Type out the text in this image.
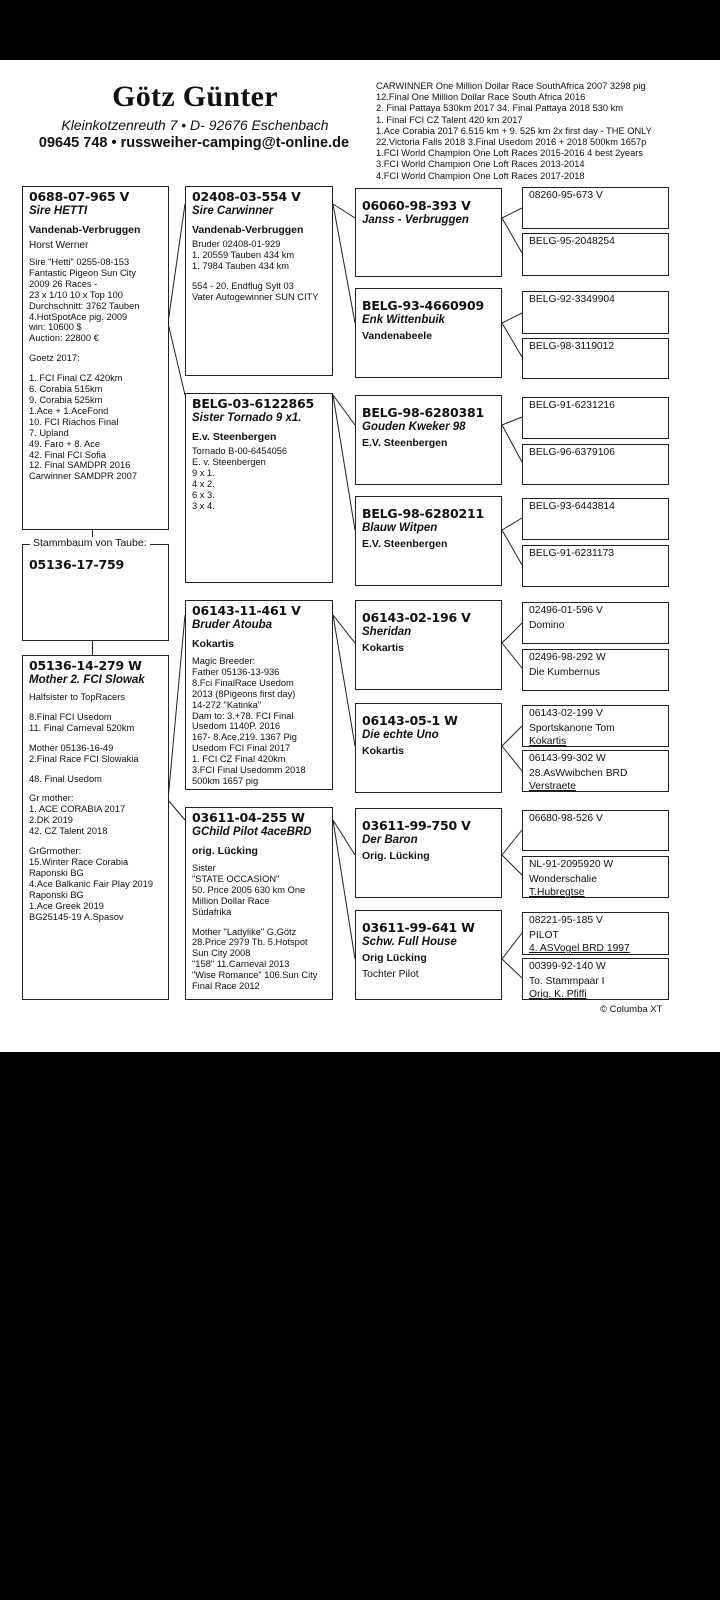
Götz Günter
Kleinkotzenreuth 7 • D- 92676 Eschenbach
09645 748 • russweiher-camping@t-online.de
CARWINNER One Million Dollar Race SouthAfrica 2007 3298 pig
12.Final One Million Dollar Race South Africa 2016
2. Final Pattaya 530km 2017 34. Final Pattaya 2018 530 km
1. Final FCI CZ Talent 420 km 2017
1.Ace Corabia 2017 6.515 km + 9. 525 km 2x first day - THE ONLY
22.Victoria Falls 2018 3.Final Usedom 2016 + 2018 500km 1657p
1.FCI World Champion One Loft Races 2015-2016 4 best 2years
3.FCI World Champion One Loft Races 2013-2014
4.FCI World Champion One Loft Races 2017-2018
0688-07-965 V
Sire HETTI
Vandenab-Verbruggen
Horst Werner
Sire "Hetti" 0255-08-153
Fantastic Pigeon Sun City
2009 26 Races -
23 x 1/10 10 x Top 100
Durchschnitt: 3762 Tauben
4.HotSpotAce pig. 2009
win: 10600 $
Auction: 22800 €
Goetz 2017:
1. FCI Final CZ 420km
6. Corabia 515km
9. Corabia 525km
1.Ace + 1.AceFond
10. FCI Riachos Final
7. Upland
49. Faro + 8. Ace
42. Final FCI Sofia
12. Final SAMDPR 2016
Carwinner SAMDPR 2007
05136-17-759
Stammbaum von Taube:
05136-14-279 W
Mother 2. FCI Slowak
Halfsister to TopRacers
8.Final FCI Usedom
11. Final Carneval 520km
Mother 05136-16-49
2.Final Race FCI Slowakia
48. Final Usedom
Gr mother:
1. ACE CORABIA 2017
2.DK 2019
42. CZ Talent 2018
GrGrmother:
15.Winter Race Corabia
Raponski BG
4.Ace Balkanic Fair Play 2019
Raponski BG
1.Ace Greek 2019
BG25145-19 A.Spasov
02408-03-554 V
Sire Carwinner
Vandenab-Verbruggen
Bruder 02408-01-929
1. 20559 Tauben 434 km
1. 7984 Tauben 434 km
554 - 20. Endflug Sylt 03
Vater Autogewinner SUN CITY
BELG-03-6122865
Sister Tornado 9 x1.
E.v. Steenbergen
Tornado B-00-6454056
E. v. Steenbergen
9 x 1.
4 x 2.
6 x 3.
3 x 4.
06143-11-461 V
Bruder Atouba
Kokartis
Magic Breeder:
Father 05136-13-936
8.Fci FinalRace Usedom
2013 (8Pigeons first day)
14-272 "Katinka"
Dam to: 3.+78. FCI Final
Usedom 1140P. 2016
167- 8.Ace,219. 1367 Pig
Usedom FCI Final 2017
1. FCI CZ Final 420km
3.FCI Final Usedomm 2018
500km 1657 pig
03611-04-255 W
GChild Pilot 4aceBRD
orig. Lücking
Sister
"STATE OCCASION"
50. Price 2005 630 km One
Million Dollar Race
Südafrika
Mother "Ladylike" G.Götz
28.Price 2979 Tb. 5.Hotspot
Sun City 2008
"158" 11.Carneval 2013
"Wise Romance" 106.Sun City
Final Race 2012
06060-98-393 V
Janss - Verbruggen
BELG-93-4660909
Enk Wittenbuik
Vandenabeele
BELG-98-6280381
Gouden Kweker 98
E.V. Steenbergen
BELG-98-6280211
Blauw Witpen
E.V. Steenbergen
06143-02-196 V
Sheridan
Kokartis
06143-05-1 W
Die echte Uno
Kokartis
03611-99-750 V
Der Baron
Orig. Lücking
03611-99-641 W
Schw. Full House
Orig Lücking
Tochter Pilot
08260-95-673 V
BELG-95-2048254
BELG-92-3349904
BELG-98-3119012
BELG-91-6231216
BELG-96-6379106
BELG-93-6443814
BELG-91-6231173
02496-01-596 V
Domino
02496-98-292 W
Die Kumbernus
06143-02-199 V
Sportskanone Tom
Kokartis
06143-99-302 W
28.AsWwibchen BRD
Verstraete
06680-98-526 V
NL-91-2095920 W
Wonderschalie
T.Hubregtse
08221-95-185 V
PILOT
4. ASVogel BRD 1997
00399-92-140 W
To. Stammpaar I
Orig. K. Pfiffi
© Columba XT
